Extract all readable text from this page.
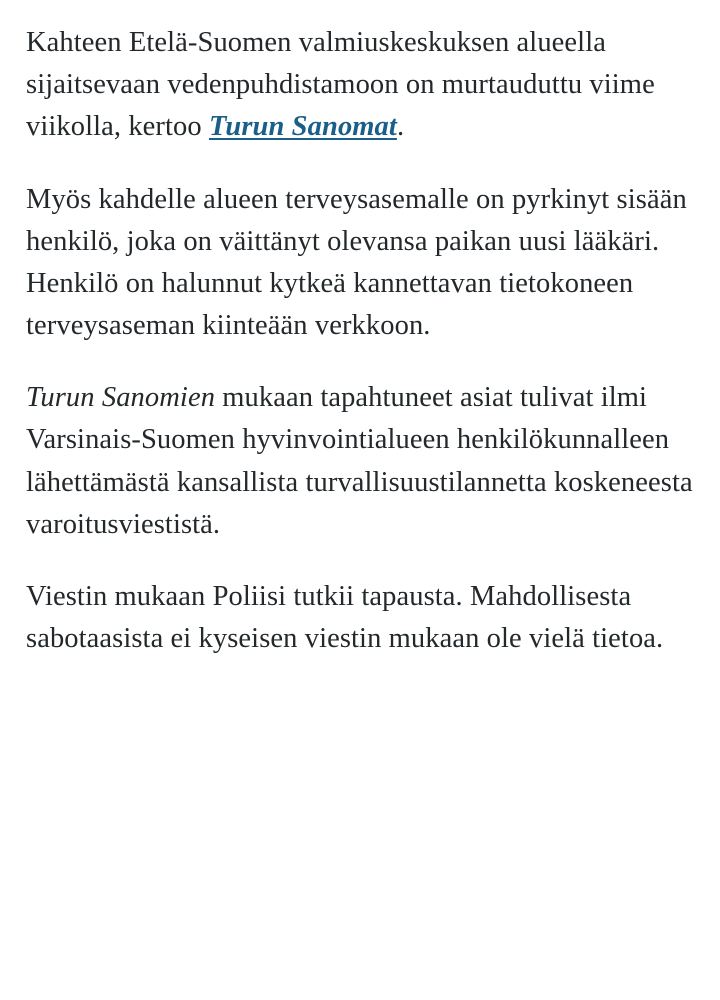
Kahteen Etelä-Suomen valmiuskeskuksen alueella sijaitsevaan vedenpuhdistamoon on murtauduttu viime viikolla, kertoo Turun Sanomat.

Myös kahdelle alueen terveysasemalle on pyrkinyt sisään henkilö, joka on väittänyt olevansa paikan uusi lääkäri. Henkilö on halunnut kytkeä kannettavan tietokoneen terveysaseman kiinteään verkkoon.

Turun Sanomien mukaan tapahtuneet asiat tulivat ilmi Varsinais-Suomen hyvinvointialueen henkilökunnalleen lähettämästä kansallista turvallisuustilannetta koskeneesta varoitusviestistä.

Viestin mukaan Poliisi tutkii tapausta. Mahdollisesta sabotaasista ei kyseisen viestin mukaan ole vielä tietoa.
